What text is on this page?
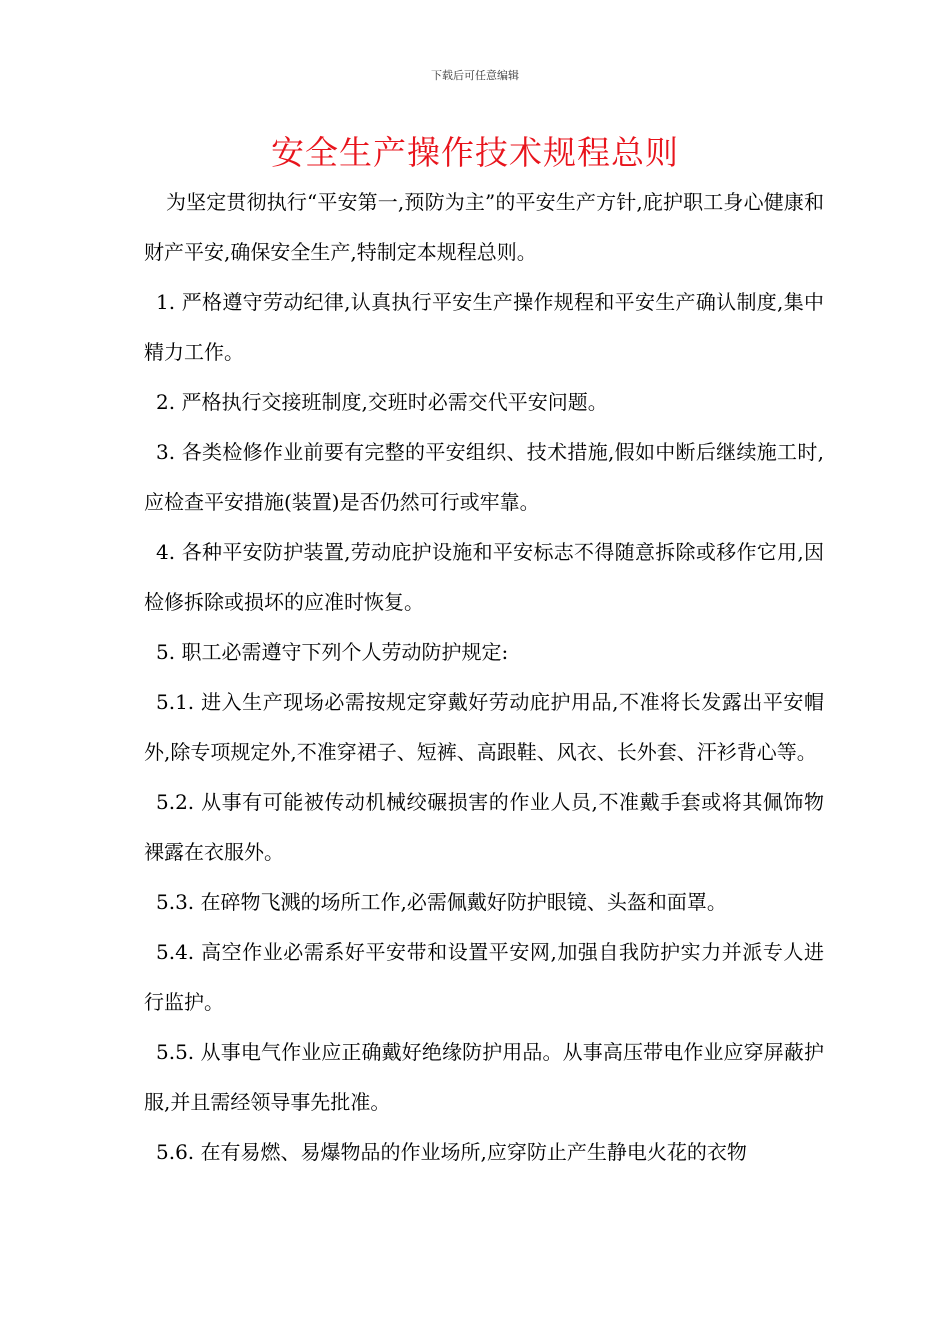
下载后可任意编辑
安全生产操作技术规程总则

为坚定贯彻执行“平安第一,预防为主”的平安生产方针,庇护职工身心健康和财产平安,确保安全生产,特制定本规程总则。

1. 严格遵守劳动纪律,认真执行平安生产操作规程和平安生产确认制度,集中精力工作。

2. 严格执行交接班制度,交班时必需交代平安问题。

3. 各类检修作业前要有完整的平安组织、技术措施,假如中断后继续施工时,应检查平安措施(装置)是否仍然可行或牢靠。

4. 各种平安防护装置,劳动庇护设施和平安标志不得随意拆除或移作它用,因检修拆除或损坏的应准时恢复。

5. 职工必需遵守下列个人劳动防护规定:

5.1. 进入生产现场必需按规定穿戴好劳动庇护用品,不准将长发露出平安帽外,除专项规定外,不准穿裙子、短裤、高跟鞋、风衣、长外套、汗衫背心等。

5.2. 从事有可能被传动机械绞碾损害的作业人员,不准戴手套或将其佩饰物裸露在衣服外。

5.3. 在碎物飞溅的场所工作,必需佩戴好防护眼镜、头盔和面罩。

5.4. 高空作业必需系好平安带和设置平安网,加强自我防护实力并派专人进行监护。

5.5. 从事电气作业应正确戴好绝缘防护用品。从事高压带电作业应穿屏蔽护服,并且需经领导事先批准。

5.6. 在有易燃、易爆物品的作业场所,应穿防止产生静电火花的衣物
